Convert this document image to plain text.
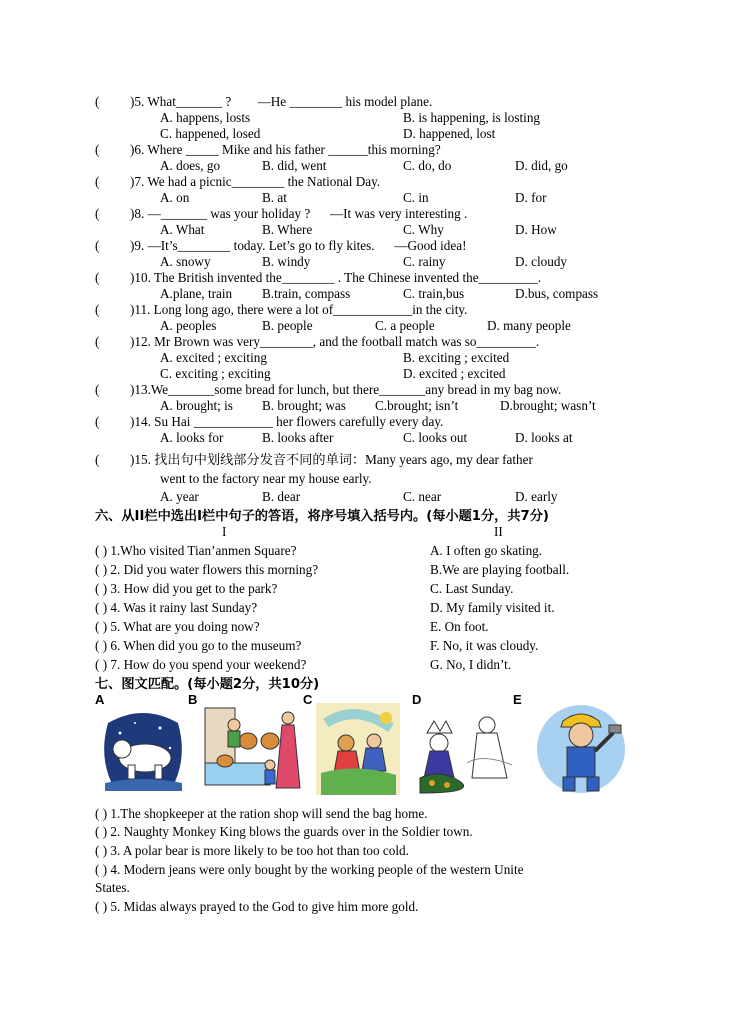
( )5. What_______ ?        —He ________ his model plane.
A. happens, losts	B. is happening, is losting
C. happened, losed	D. happened, lost
( )6. Where _____ Mike and his father ______this morning?
A. does, go	B. did, went	C. do, do	D. did, go
( )7. We had a picnic________ the National Day.
A. on	B. at	C. in	D. for
( )8. —_______ was your holiday ?      —It was very interesting .
A. What	B. Where	C. Why	D. How
( )9. —It’s________ today. Let’s go to fly kites.      —Good idea!
A. snowy	B. windy	C. rainy	D. cloudy
( )10. The British invented the________ . The Chinese invented the_________.
A.plane, train B.train, compass	C. train,bus	D.bus, compass
( )11. Long long ago, there were a lot of____________in the city.
A. peoples	B. people	C. a people	D. many people
( )12. Mr Brown was very________, and the football match was so_________.
A. excited ; exciting	B. exciting ; excited
C. exciting ; exciting	D. excited ; excited
( )13.We_______some bread for lunch, but there_______any bread in my bag now.
A. brought; is B. brought; was C.brought; isn’t	D.brought; wasn’t
( )14. Su Hai ____________ her flowers carefully every day.
A. looks for	B. looks after	C. looks out	D. looks at
( )15. 找出句中划线部分发音不同的单词：Many years ago, my dear father
went to the factory near my house early.
A. year	B. dear	C. near	D. early
六、从II栏中选出I栏中句子的答语，将序号填入括号内。(每小题1分，共7分)
I	II
( ) 1.Who visited Tian’anmen Square?	A. I often go skating.
( ) 2. Did you water flowers this morning?	B.We are playing football.
( ) 3. How did you get to the park?	C. Last Sunday.
( ) 4. Was it rainy last Sunday?	D. My family visited it.
( ) 5. What are you doing now?	E. On foot.
( ) 6. When did you go to the museum?	F. No, it was cloudy.
( ) 7. How do you spend your weekend?	G. No, I didn’t.
七、图文匹配。(每小题2分，共10分)
A	B	C	D	E
( ) 1.The shopkeeper at the ration shop will send the bag home.
( ) 2. Naughty Monkey King blows the guards over in the Soldier town.
( ) 3. A polar bear is more likely to be too hot than too cold.
( ) 4. Modern jeans were only bought by the working people of the western Unite
States.
( ) 5. Midas always prayed to the God to give him more gold.
